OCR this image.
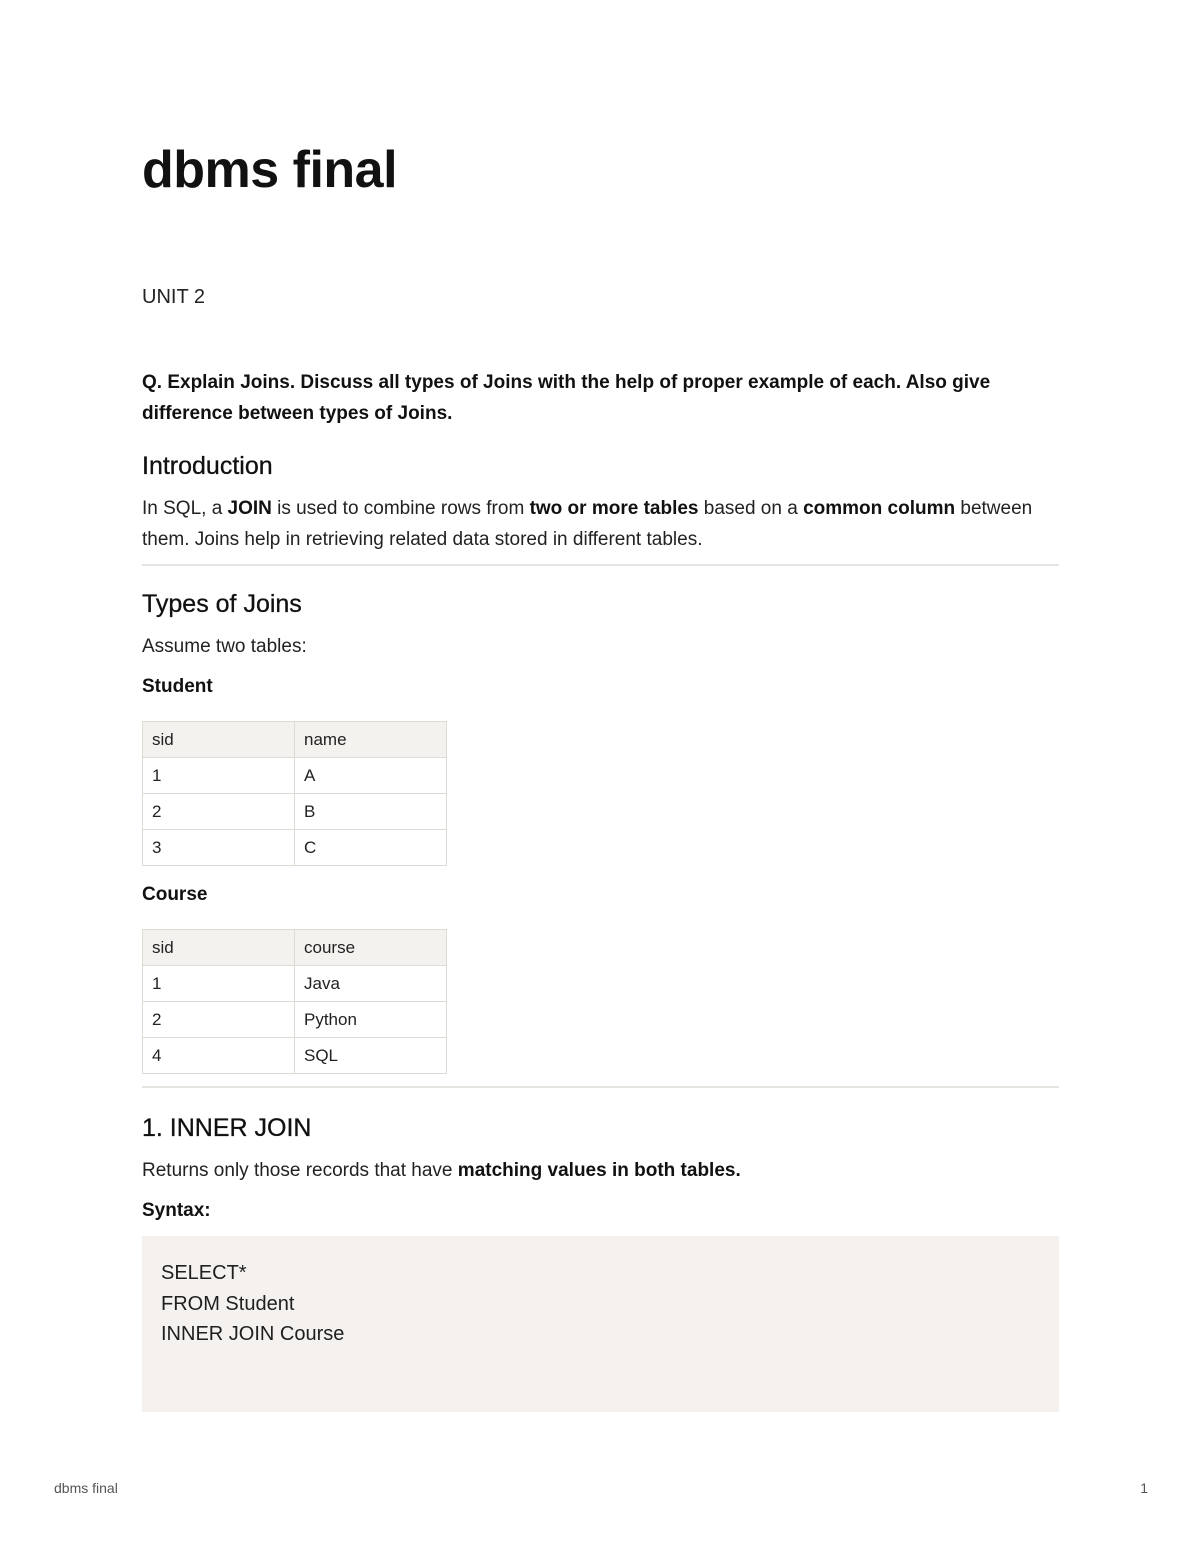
dbms final

UNIT 2

Q. Explain Joins. Discuss all types of Joins with the help of proper example of each. Also give difference between types of Joins.

Introduction

In SQL, a JOIN is used to combine rows from two or more tables based on a common column between them. Joins help in retrieving related data stored in different tables.

Types of Joins

Assume two tables:

Student

sid	name
1	A
2	B
3	C

Course

sid	course
1	Java
2	Python
4	SQL
1. INNER JOIN

Returns only those records that have matching values in both tables.

Syntax:

SELECT*
FROM Student
INNER JOIN Course
dbms final	1
